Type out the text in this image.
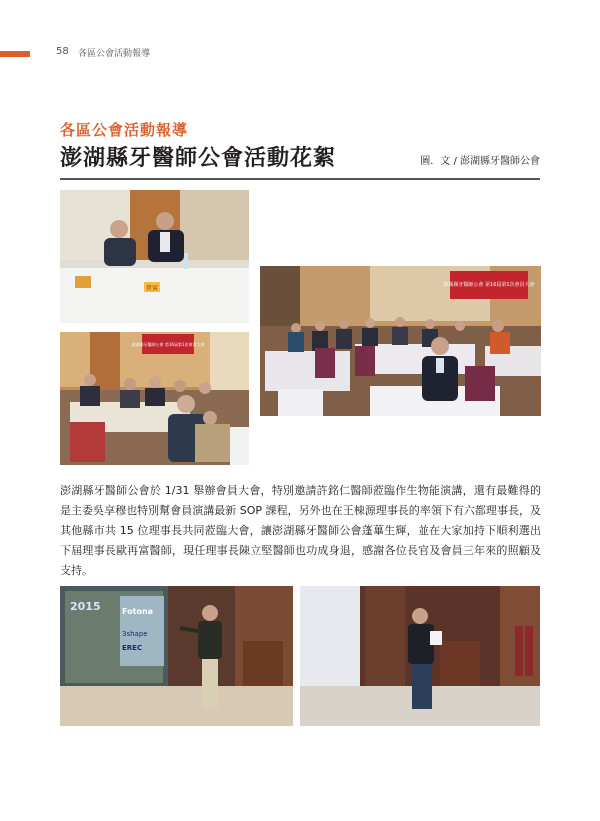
58 各區公會活動報導
各區公會活動報導
澎湖縣牙醫師公會活動花絮	圖．文 / 澎湖縣牙醫師公會
貴賓
澎湖縣牙醫師公會 第16屆第1次會員大會
澎湖縣牙醫師公會 第16屆第1次會員大會
澎湖縣牙醫師公會於 1/31 舉辦會員大會，特別邀請許銘仁醫師蒞臨作生物能演講，還有最難得的是主委吳享穆也特別幫會員演講最新 SOP 課程，另外也在王棟源理事長的率領下有六都理事長，及其他縣市共 15 位理事長共同蒞臨大會，讓澎湖縣牙醫師公會蓬蓽生輝，並在大家加持下順利選出下屆理事長歐再富醫師，現任理事長陳立堅醫師也功成身退，感謝各位長官及會員三年來的照顧及支持。
2015	Fotona
3shape
EREC
